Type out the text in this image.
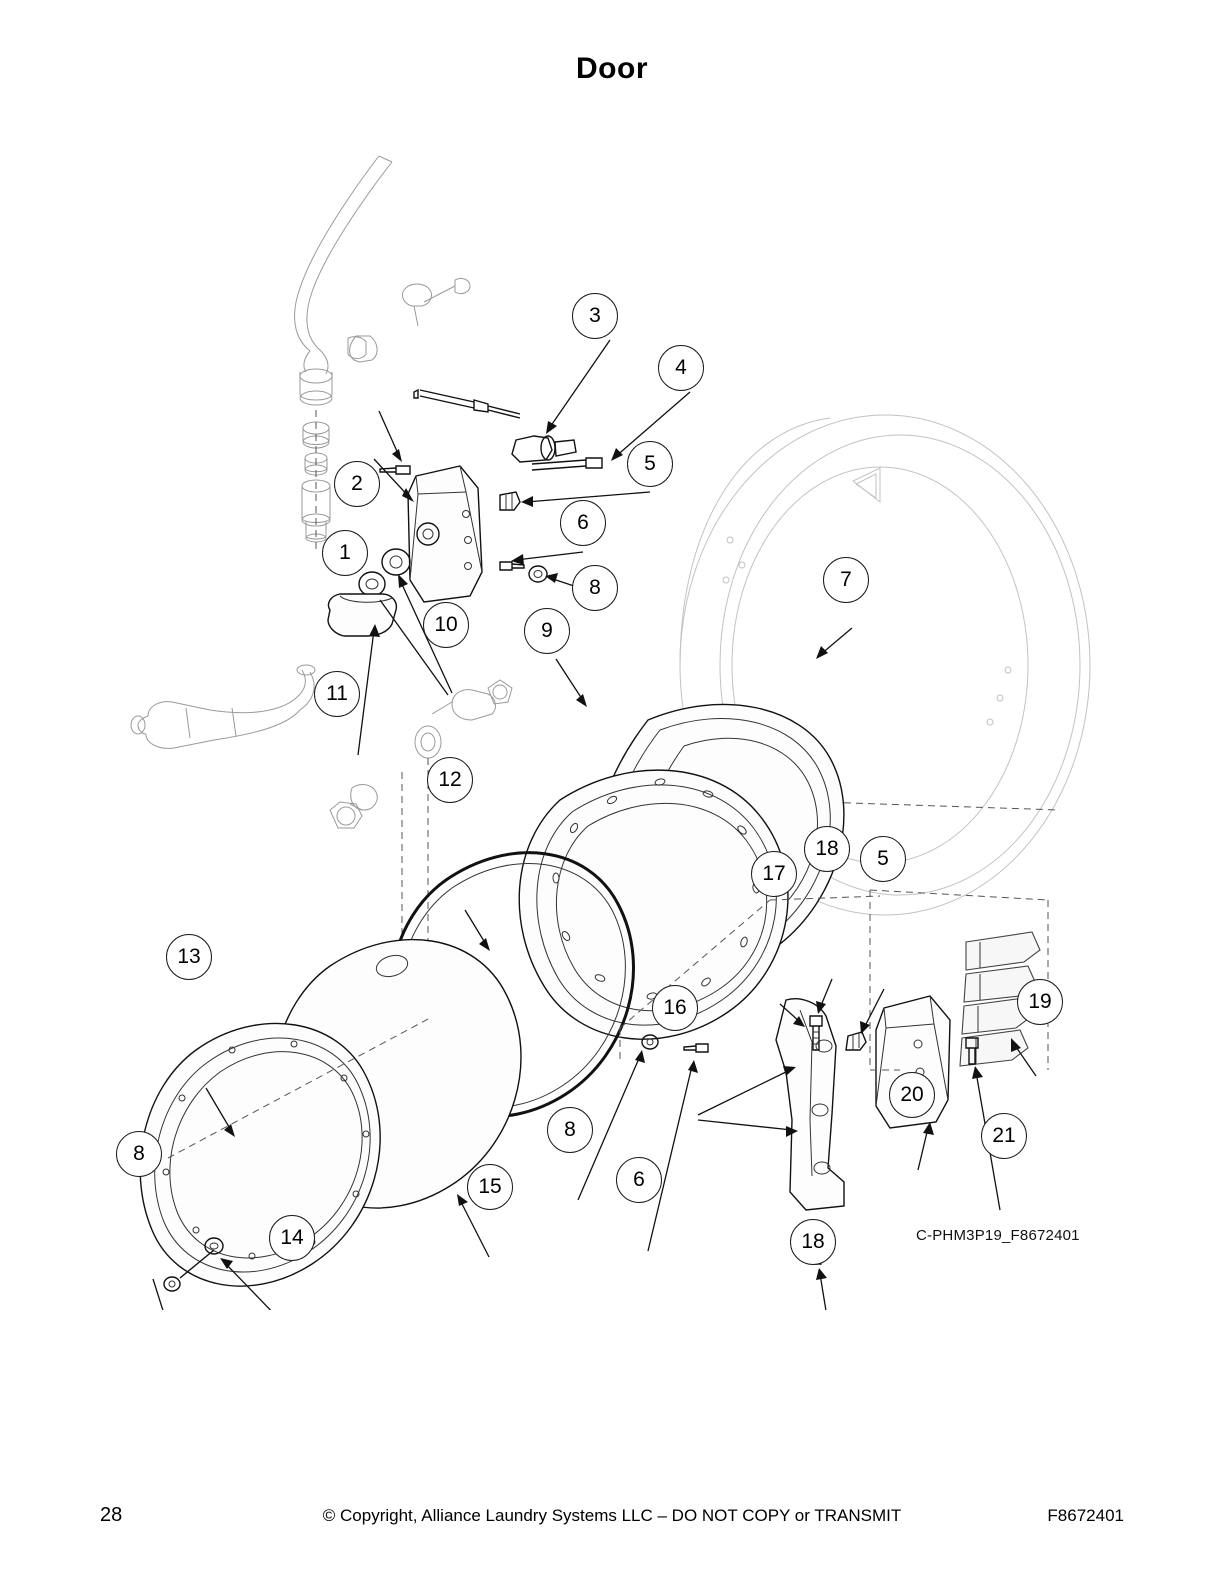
Door
1
2
3
4
5
6
7
8
9
10
11
12
13
8
14
15
8
6
16
17
18	5
18
20
21
19
C-PHM3P19_F8672401
28	© Copyright, Alliance Laundry Systems LLC – DO NOT COPY or TRANSMIT	F8672401
